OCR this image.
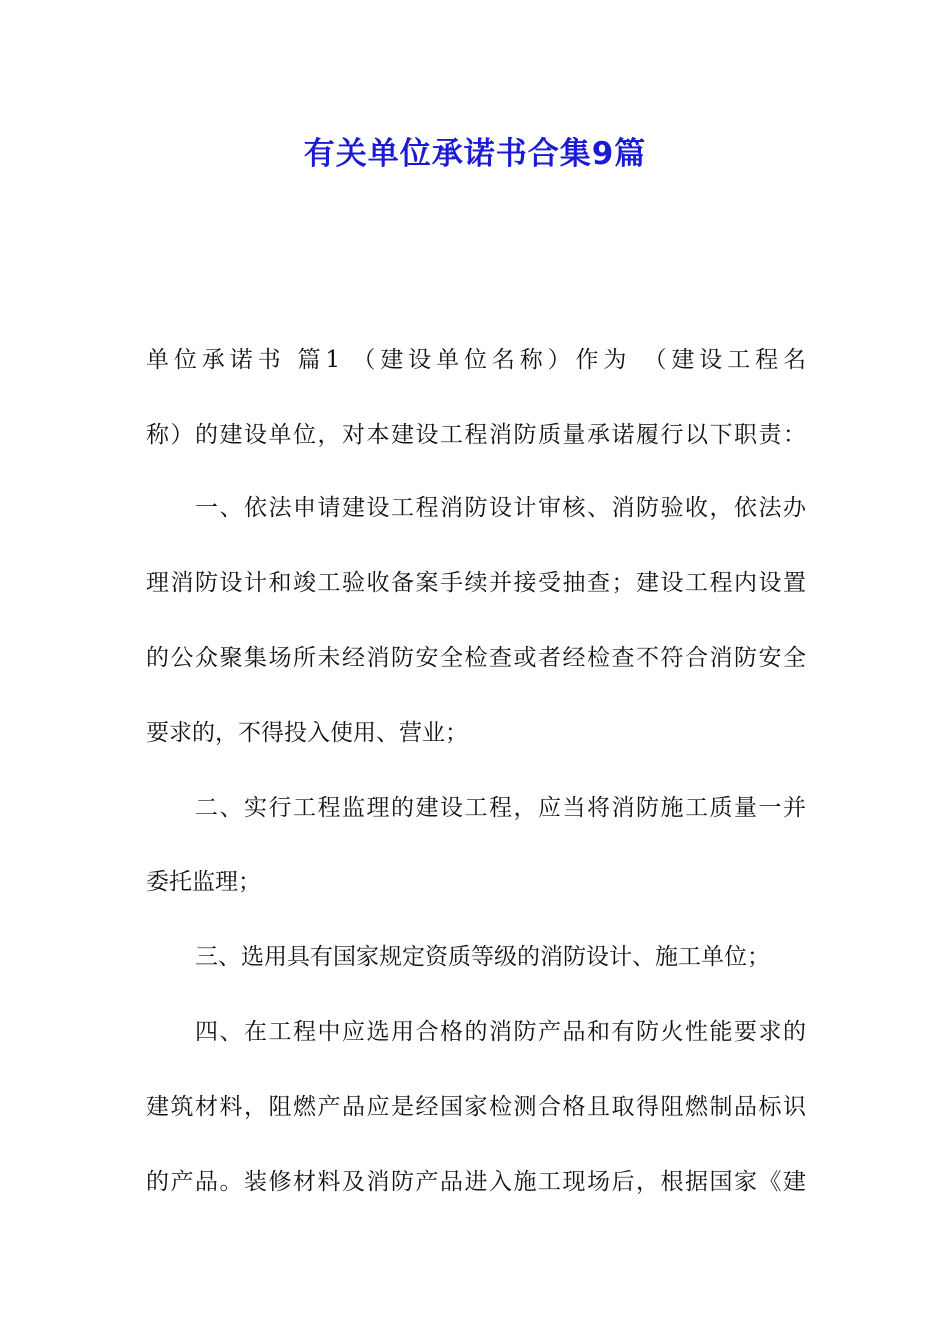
有关单位承诺书合集9篇
单位承诺书 篇1 （建设单位名称）作为 （建设工程名
称）的建设单位，对本建设工程消防质量承诺履行以下职责：
一、依法申请建设工程消防设计审核、消防验收，依法办
理消防设计和竣工验收备案手续并接受抽查；建设工程内设置
的公众聚集场所未经消防安全检查或者经检查不符合消防安全
要求的，不得投入使用、营业；
二、实行工程监理的建设工程，应当将消防施工质量一并
委托监理；
三、选用具有国家规定资质等级的消防设计、施工单位；
四、在工程中应选用合格的消防产品和有防火性能要求的
建筑材料，阻燃产品应是经国家检测合格且取得阻燃制品标识
的产品。装修材料及消防产品进入施工现场后，根据国家《建
